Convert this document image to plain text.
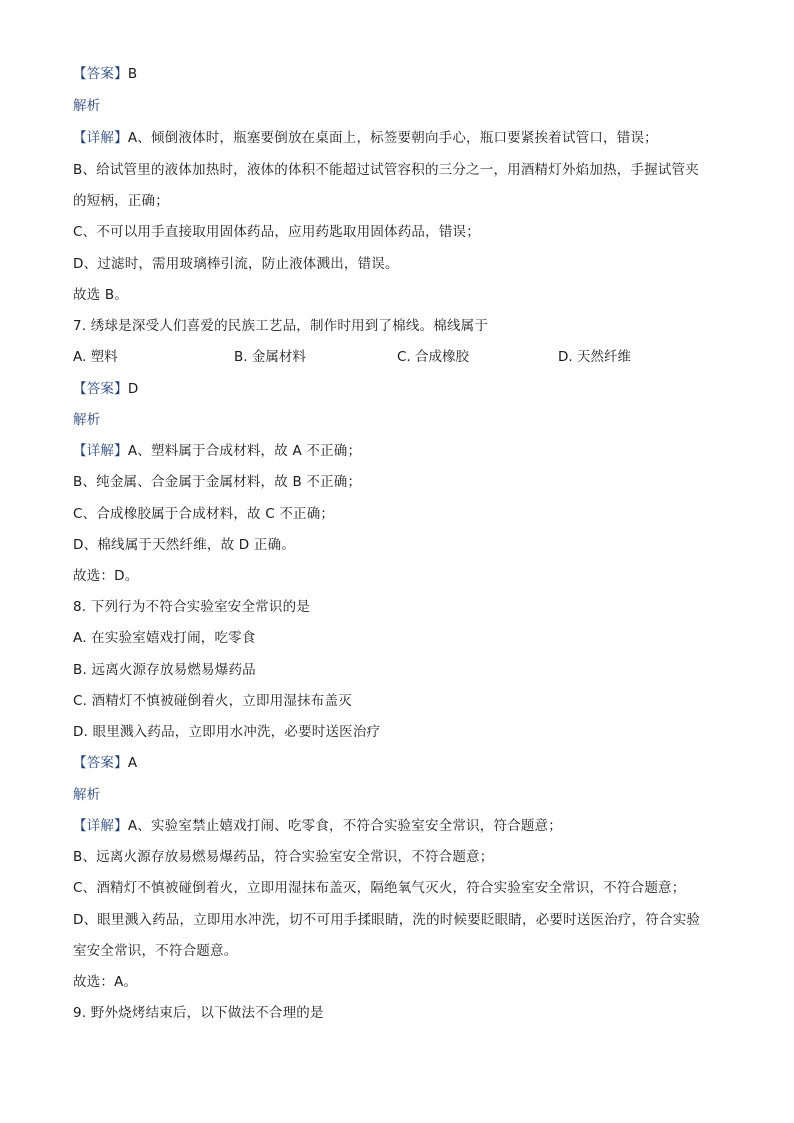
【答案】B
解析
【详解】A、倾倒液体时，瓶塞要倒放在桌面上，标签要朝向手心，瓶口要紧挨着试管口，错误；
B、给试管里的液体加热时，液体的体积不能超过试管容积的三分之一，用酒精灯外焰加热，手握试管夹
的短柄，正确；
C、不可以用手直接取用固体药品，应用药匙取用固体药品，错误；
D、过滤时，需用玻璃棒引流，防止液体溅出，错误。
故选 B。
7. 绣球是深受人们喜爱的民族工艺品，制作时用到了棉线。棉线属于
A. 塑料	B. 金属材料	C. 合成橡胶	D. 天然纤维
【答案】D
解析
【详解】A、塑料属于合成材料，故 A 不正确；
B、纯金属、合金属于金属材料，故 B 不正确；
C、合成橡胶属于合成材料，故 C 不正确；
D、棉线属于天然纤维，故 D 正确。
故选：D。
8. 下列行为不符合实验室安全常识的是
A. 在实验室嬉戏打闹，吃零食
B. 远离火源存放易燃易爆药品
C. 酒精灯不慎被碰倒着火，立即用湿抹布盖灭
D. 眼里溅入药品，立即用水冲洗，必要时送医治疗
【答案】A
解析
【详解】A、实验室禁止嬉戏打闹、吃零食，不符合实验室安全常识，符合题意；
B、远离火源存放易燃易爆药品，符合实验室安全常识，不符合题意；
C、酒精灯不慎被碰倒着火，立即用湿抹布盖灭，隔绝氧气灭火，符合实验室安全常识，不符合题意；
D、眼里溅入药品，立即用水冲洗，切不可用手揉眼睛，洗的时候要眨眼睛，必要时送医治疗，符合实验
室安全常识，不符合题意。
故选：A。
9. 野外烧烤结束后，以下做法不合理的是
